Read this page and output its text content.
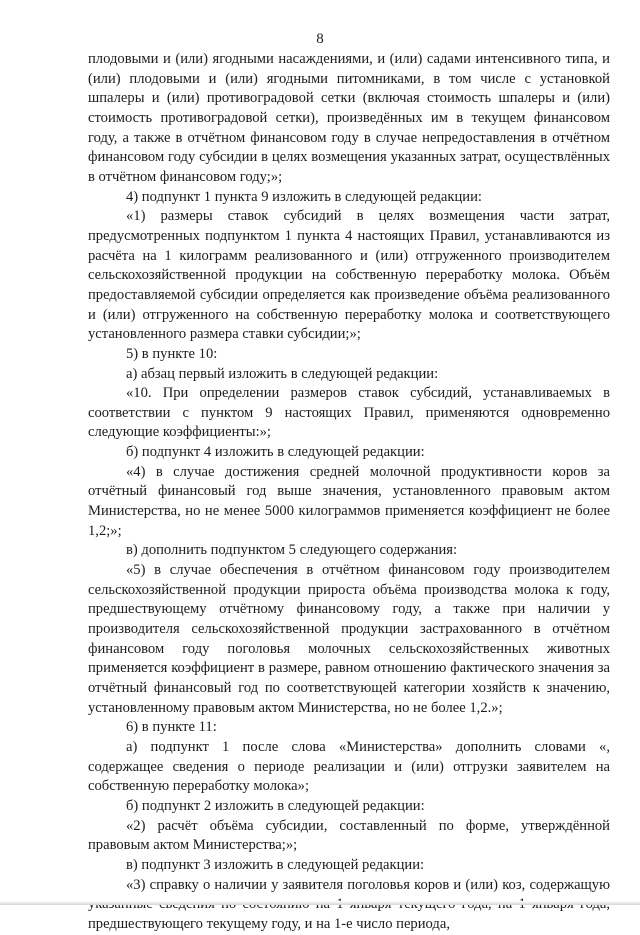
8

плодовыми и (или) ягодными насаждениями, и (или) садами интенсивного типа, и (или) плодовыми и (или) ягодными питомниками, в том числе с установкой шпалеры и (или) противоградовой сетки (включая стоимость шпалеры и (или) стоимость противоградовой сетки), произведённых им в текущем финансовом году, а также в отчётном финансовом году в случае непредоставления в отчётном финансовом году субсидии в целях возмещения указанных затрат, осуществлённых в отчётном финансовом году;»;

4) подпункт 1 пункта 9 изложить в следующей редакции:

«1) размеры ставок субсидий в целях возмещения части затрат, предусмотренных подпунктом 1 пункта 4 настоящих Правил, устанавливаются из расчёта на 1 килограмм реализованного и (или) отгруженного производителем сельскохозяйственной продукции на собственную переработку молока. Объём предоставляемой субсидии определяется как произведение объёма реализованного и (или) отгруженного на собственную переработку молока и соответствующего установленного размера ставки субсидии;»;

5) в пункте 10:

а) абзац первый изложить в следующей редакции:

«10. При определении размеров ставок субсидий, устанавливаемых в соответствии с пунктом 9 настоящих Правил, применяются одновременно следующие коэффициенты:»;

б) подпункт 4 изложить в следующей редакции:

«4) в случае достижения средней молочной продуктивности коров за отчётный финансовый год выше значения, установленного правовым актом Министерства, но не менее 5000 килограммов применяется коэффициент не более 1,2;»;

в) дополнить подпунктом 5 следующего содержания:

«5) в случае обеспечения в отчётном финансовом году производителем сельскохозяйственной продукции прироста объёма производства молока к году, предшествующему отчётному финансовому году, а также при наличии у производителя сельскохозяйственной продукции застрахованного в отчётном финансовом году поголовья молочных сельскохозяйственных животных применяется коэффициент в размере, равном отношению фактического значения за отчётный финансовый год по соответствующей категории хозяйств к значению, установленному правовым актом Министерства, но не более 1,2.»;

6) в пункте 11:

а) подпункт 1 после слова «Министерства» дополнить словами «, содержащее сведения о периоде реализации и (или) отгрузки заявителем на собственную переработку молока»;

б) подпункт 2 изложить в следующей редакции:

«2) расчёт объёма субсидии, составленный по форме, утверждённой правовым актом Министерства;»;

в) подпункт 3 изложить в следующей редакции:

«3) справку о наличии у заявителя поголовья коров и (или) коз, содержащую предшествующего текущему году, и на 1-е число периода,
